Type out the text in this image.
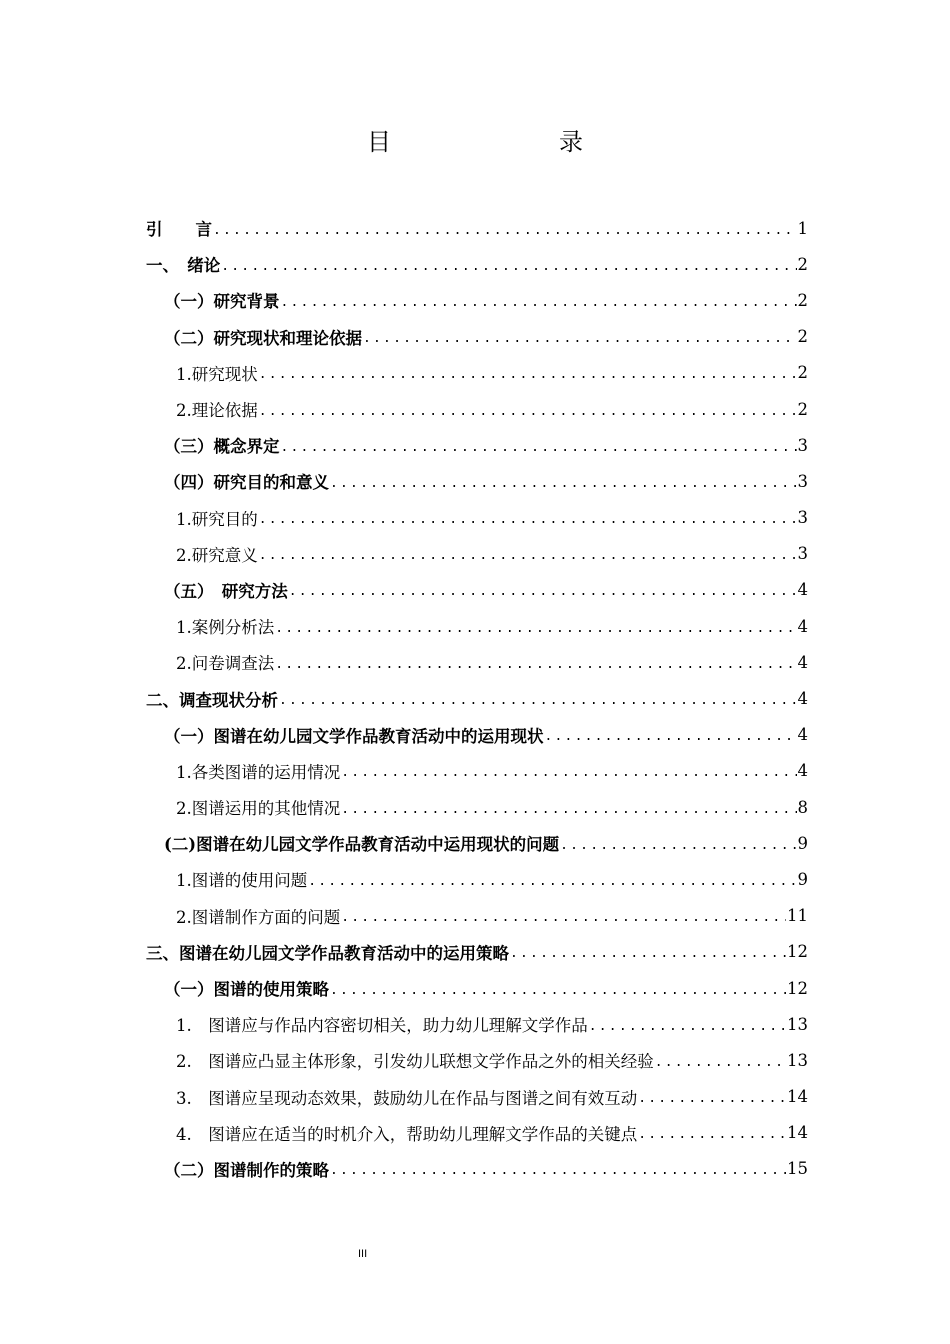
目　　录
引　　言 .....	1
一、　绪论 .....	2
（一）研究背景 .....	2
（二）研究现状和理论依据 .....	2
1.研究现状 .....	2
2.理论依据 .....	2
（三）概念界定 .....	3
（四）研究目的和意义 .....	3
1.研究目的 .....	3
2.研究意义 .....	3
（五）　研究方法 .....	4
1.案例分析法 .....	4
2.问卷调查法 .....	4
二、调查现状分析 .....	4
（一）图谱在幼儿园文学作品教育活动中的运用现状 .....	4
1.各类图谱的运用情况 .....	4
2.图谱运用的其他情况 .....	8
(二)图谱在幼儿园文学作品教育活动中运用现状的问题 .....	9
1.图谱的使用问题 .....	9
2.图谱制作方面的问题 .....	11
三、图谱在幼儿园文学作品教育活动中的运用策略 .....	12
（一）图谱的使用策略 .....	12
1.　图谱应与作品内容密切相关，助力幼儿理解文学作品 .....	13
2.　图谱应凸显主体形象，引发幼儿联想文学作品之外的相关经验 .....	13
3.　图谱应呈现动态效果，鼓励幼儿在作品与图谱之间有效互动 .....	14
4.　图谱应在适当的时机介入，帮助幼儿理解文学作品的关键点 .....	14
（二）图谱制作的策略 .....	15
III
